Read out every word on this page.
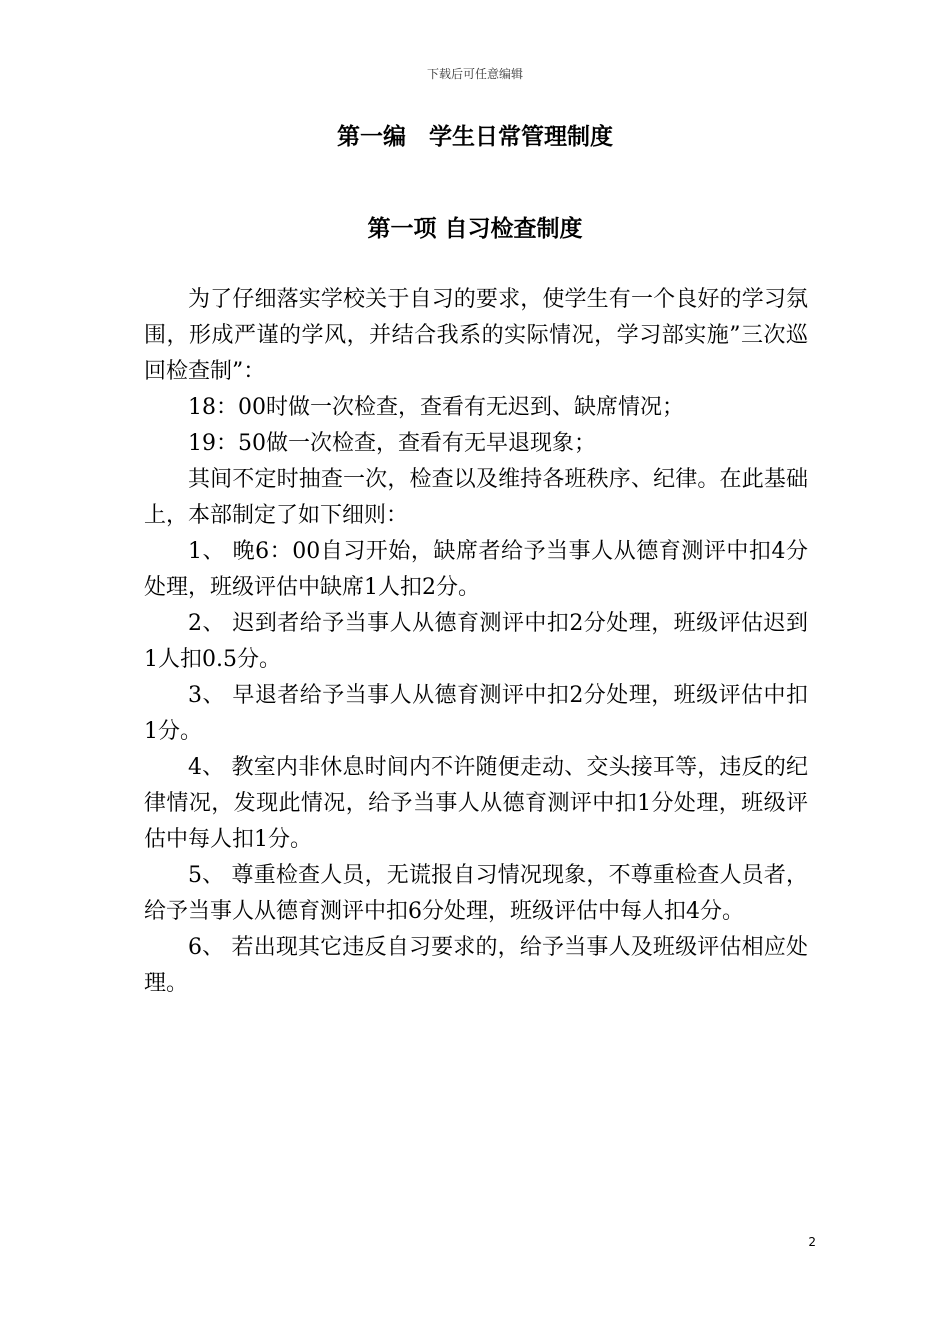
下载后可任意编辑
第一编　学生日常管理制度
第一项 自习检查制度

为了仔细落实学校关于自习的要求，使学生有一个良好的学习氛围，形成严谨的学风，并结合我系的实际情况，学习部实施”三次巡回检查制”：

18：00时做一次检查，查看有无迟到、缺席情况；

19：50做一次检查，查看有无早退现象；

其间不定时抽查一次，检查以及维持各班秩序、纪律。在此基础上，本部制定了如下细则：

1、 晚6：00自习开始，缺席者给予当事人从德育测评中扣4分处理，班级评估中缺席1人扣2分。

2、 迟到者给予当事人从德育测评中扣2分处理，班级评估迟到1人扣0.5分。

3、 早退者给予当事人从德育测评中扣2分处理，班级评估中扣1分。

4、 教室内非休息时间内不许随便走动、交头接耳等，违反的纪律情况，发现此情况，给予当事人从德育测评中扣1分处理，班级评估中每人扣1分。

5、 尊重检查人员，无谎报自习情况现象，不尊重检查人员者，给予当事人从德育测评中扣6分处理，班级评估中每人扣4分。

6、 若出现其它违反自习要求的，给予当事人及班级评估相应处理。

2
